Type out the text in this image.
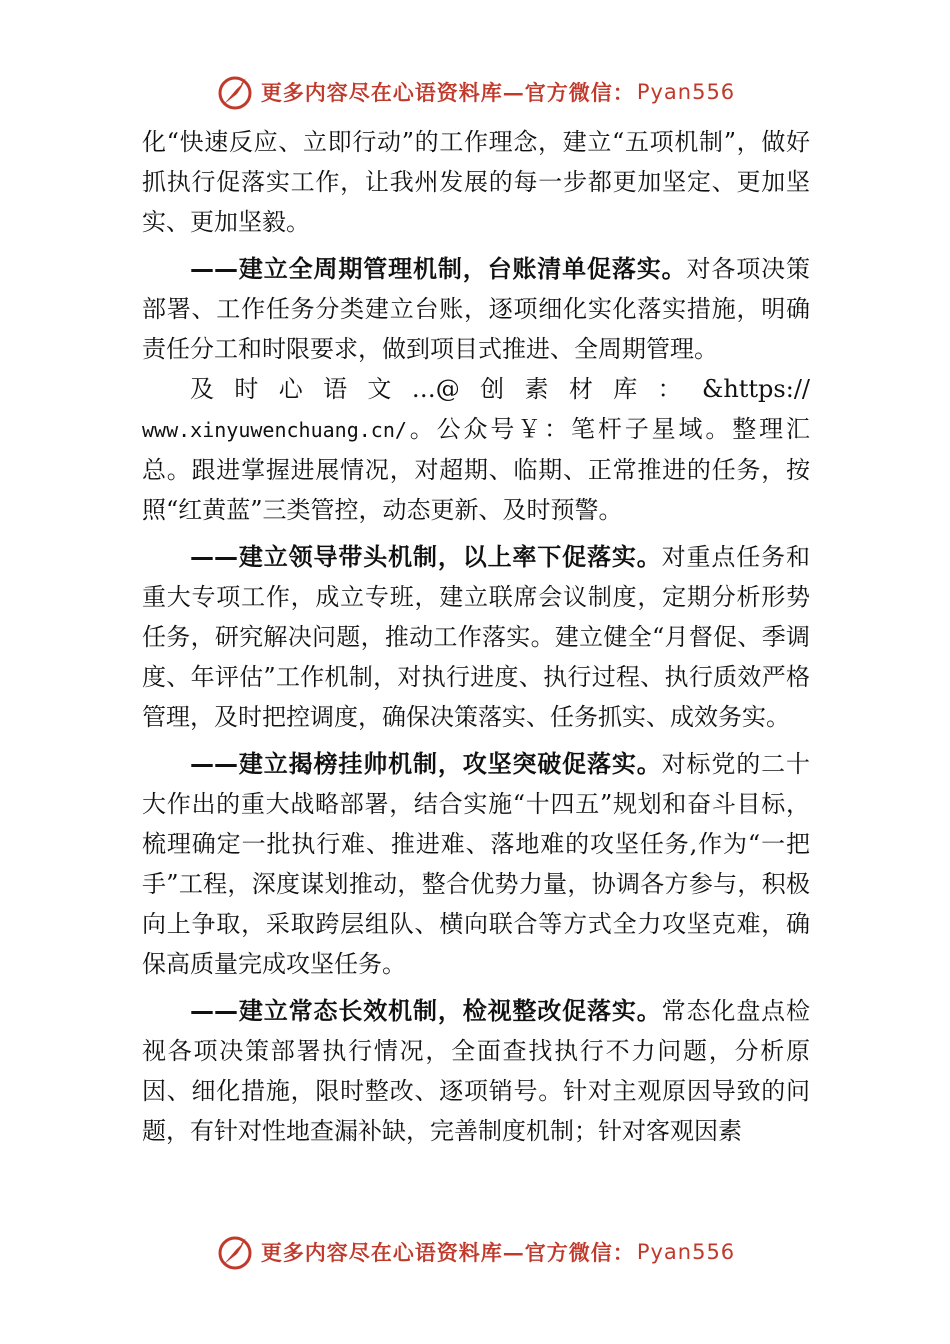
更多内容尽在心语资料库—官方微信： Pyan556

化“快速反应、立即行动”的工作理念，建立“五项机制”，做好抓执行促落实工作，让我州发展的每一步都更加坚定、更加坚实、更加坚毅。

——建立全周期管理机制，台账清单促落实。对各项决策部署、工作任务分类建立台账，逐项细化实化落实措施，明确责任分工和时限要求，做到项目式推进、全周期管理。
及时心语文…@创素材库：&https://
www.xinyuwenchuang.cn/。公众号￥：笔杆子星域。整理汇总。跟进掌握进展情况，对超期、临期、正常推进的任务，按照“红黄蓝”三类管控，动态更新、及时预警。

——建立领导带头机制，以上率下促落实。对重点任务和重大专项工作，成立专班，建立联席会议制度，定期分析形势任务，研究解决问题，推动工作落实。建立健全“月督促、季调度、年评估”工作机制，对执行进度、执行过程、执行质效严格管理，及时把控调度，确保决策落实、任务抓实、成效务实。

——建立揭榜挂帅机制，攻坚突破促落实。对标党的二十大作出的重大战略部署，结合实施“十四五”规划和奋斗目标，梳理确定一批执行难、推进难、落地难的攻坚任务,作为“一把手”工程，深度谋划推动，整合优势力量，协调各方参与，积极向上争取，采取跨层组队、横向联合等方式全力攻坚克难，确保高质量完成攻坚任务。

——建立常态长效机制，检视整改促落实。常态化盘点检视各项决策部署执行情况，全面查找执行不力问题，分析原因、细化措施，限时整改、逐项销号。针对主观原因导致的问题，有针对性地查漏补缺，完善制度机制；针对客观因素

更多内容尽在心语资料库—官方微信： Pyan556
